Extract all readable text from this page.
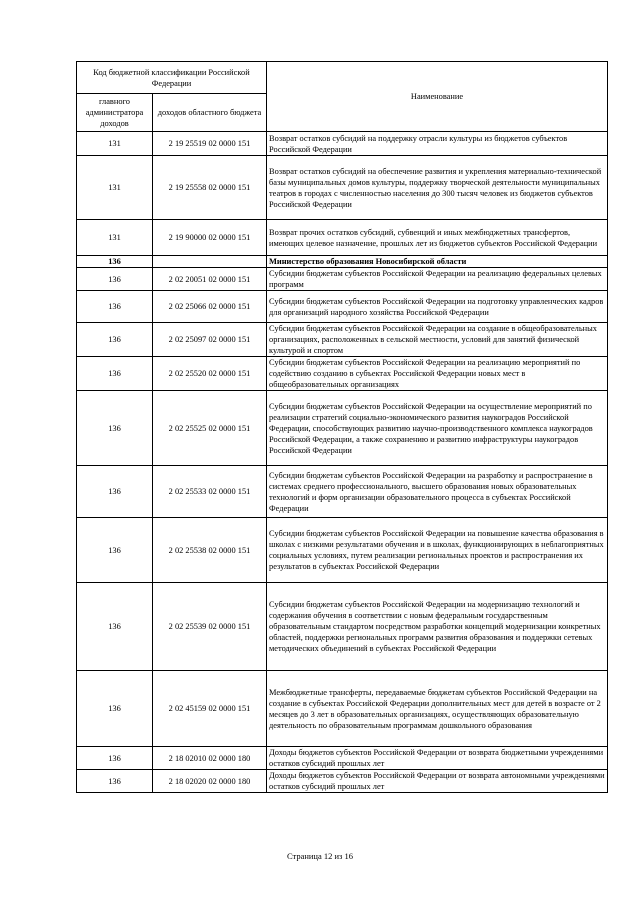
Код бюджетной классификации Российской Федерации		Наименование
главного администратора доходов	доходов областного бюджета	
131	2 19 25519 02 0000 151	Возврат остатков субсидий на поддержку отрасли культуры из бюджетов субъектов Российской Федерации
131	2 19 25558 02 0000 151	Возврат остатков субсидий на обеспечение развития и укрепления материально-технической базы муниципальных домов культуры, поддержку творческой деятельности муниципальных театров в городах с численностью населения до 300 тысяч человек из бюджетов субъектов Российской Федерации
131	2 19 90000 02 0000 151	Возврат прочих остатков субсидий, субвенций и иных межбюджетных трансфертов, имеющих целевое назначение, прошлых лет из бюджетов субъектов Российской Федерации
136		Министерство образования Новосибирской области
136	2 02 20051 02 0000 151	Субсидии бюджетам субъектов Российской Федерации на реализацию федеральных целевых программ
136	2 02 25066 02 0000 151	Субсидии бюджетам субъектов Российской Федерации на подготовку управленческих кадров для организаций народного хозяйства Российской Федерации
136	2 02 25097 02 0000 151	Субсидии бюджетам субъектов Российской Федерации на создание в общеобразовательных организациях, расположенных в сельской местности, условий для занятий физической культурой и спортом
136	2 02 25520 02 0000 151	Субсидии бюджетам субъектов Российской Федерации на реализацию мероприятий по содействию созданию в субъектах Российской Федерации новых мест в общеобразовательных организациях
136	2 02 25525 02 0000 151	Субсидии бюджетам субъектов Российской Федерации на осуществление мероприятий по реализации стратегий социально-экономического развития наукоградов Российской Федерации, способствующих развитию научно-производственного комплекса наукоградов Российской Федерации, а также сохранению и развитию инфраструктуры наукоградов Российской Федерации
136	2 02 25533 02 0000 151	Субсидии бюджетам субъектов Российской Федерации на разработку и распространение в системах среднего профессионального, высшего образования новых образовательных технологий и форм организации образовательного процесса в субъектах Российской Федерации
136	2 02 25538 02 0000 151	Субсидии бюджетам субъектов Российской Федерации на повышение качества образования в школах с низкими результатами обучения и в школах, функционирующих в неблагоприятных социальных условиях, путем реализации региональных проектов и распространения их результатов в субъектах Российской Федерации
136	2 02 25539 02 0000 151	Субсидии бюджетам субъектов Российской Федерации на модернизацию технологий и содержания обучения в соответствии с новым федеральным государственным образовательным стандартом посредством разработки концепций модернизации конкретных областей, поддержки региональных программ развития образования и поддержки сетевых методических объединений в субъектах Российской Федерации
136	2 02 45159 02 0000 151	Межбюджетные трансферты, передаваемые бюджетам субъектов Российской Федерации на создание в субъектах Российской Федерации дополнительных мест для детей в возрасте от 2 месяцев до 3 лет в образовательных организациях, осуществляющих образовательную деятельность по образовательным программам дошкольного образования
136	2 18 02010 02 0000 180	Доходы бюджетов субъектов Российской Федерации от возврата бюджетными учреждениями остатков субсидий прошлых лет
136	2 18 02020 02 0000 180	Доходы бюджетов субъектов Российской Федерации от возврата автономными учреждениями остатков субсидий прошлых лет
Страница 12 из 16
